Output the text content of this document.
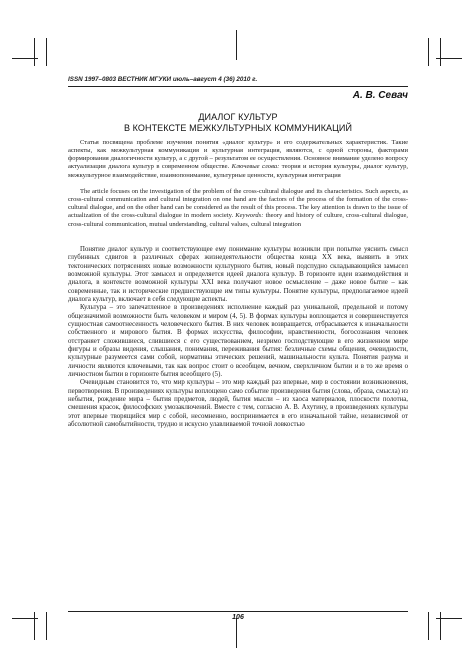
ISSN 1997–0803 ВЕСТНИК МГУКИ июль–август 4 (36) 2010 г.
А. В. Севач
ДИАЛОГ КУЛЬТУР
В КОНТЕКСТЕ МЕЖКУЛЬТУРНЫХ КОММУНИКАЦИЙ

Статья посвящена проблеме изучения понятия «диалог культур» и его содержательных характеристик. Такие аспекты, как межкультурная коммуникация и культурная интеграция, являются, с одной стороны, факторами формирования диалогичности культур, а с другой – результатом ее осуществления. Основное внимание уделено вопросу актуализации диалога культур в современном обществе. Ключевые слова: теория и история культуры, диалог культур, межкультурное взаимодействие, взаимопонимание, культурные ценности, культурная интеграция

The article focuses on the investigation of the problem of the cross-cultural dialogue and its characteristics. Such aspects, as cross-cultural communication and cultural integration on one hand are the factors of the process of the formation of the cross-cultural dialogue, and on the other hand can be considered as the result of this process. The key attention is drawn to the issue of actualization of the cross-cultural dialogue in modern society. Keywords: theory and history of culture, cross-cultural dialogue, cross-cultural communication, mutual understanding, cultural values, cultural integration

Понятие диалог культур и соответствующее ему понимание культуры возникли при попытке уяснить смысл глубинных сдвигов в различных сферах жизнедеятельности общества конца XX века, выявить в этих тектонических потрясениях новые возможности культурного бытия, новый подспудно складывающийся замысел возможной культуры. Этот замысел и определяется идеей диалога культур. В горизонте идеи взаимодействия и диалога, в контексте возможной культуры XXI века получают новое осмысление – даже новое бытие – как современные, так и исторические предшествующие им типы культуры. Понятие культуры, предполагаемое идеей диалога культур, включает в себя следующие аспекты.

Культура – это запечатленное в произведениях исполнение каждый раз уникальной, предельной и потому общезначимой возможности быть человеком и миром (4, 5). В формах культуры воплощается и совершенствуется сущностная самоотнесенность человеческого бытия. В них человек возвращается, отбрасывается к изначальности собственного и мирового бытия. В формах искусства, философии, нравственности, богосознания человек отстраняет сложившиеся, слившиеся с его существованием, незримо господствующие в его жизненном мире фигуры и образы видения, слышания, понимания, переживания бытия: безличные схемы общения, очевидности, культурные разумеется сами собой, нормативы этических решений, машинальности культа. Понятия разума и личности являются ключевыми, так как вопрос стоит о всеобщем, вечном, сверхличном бытии и в то же время о личностном бытии в горизонте бытия всеобщего (5).

Очевидным становится то, что мир культуры – это мир каждый раз впервые, мир в состоянии возникновения, первотворения. В произведениях культуры воплощено само событие произведения бытия (слова, образа, смысла) из небытия, рождение мира – бытия предметов, людей, бытия мысли – из хаоса материалов, плоскости полотна, смешения красок, философских умозаключений. Вместе с тем, согласно А. В. Ахутину, в произведениях культуры этот впервые творящийся мир с собой, несомненно, воспринимается в его изначальной тайне, независимой от абсолютной самобытийности, трудно и искусно улавливаемой точной ловкостью

106
